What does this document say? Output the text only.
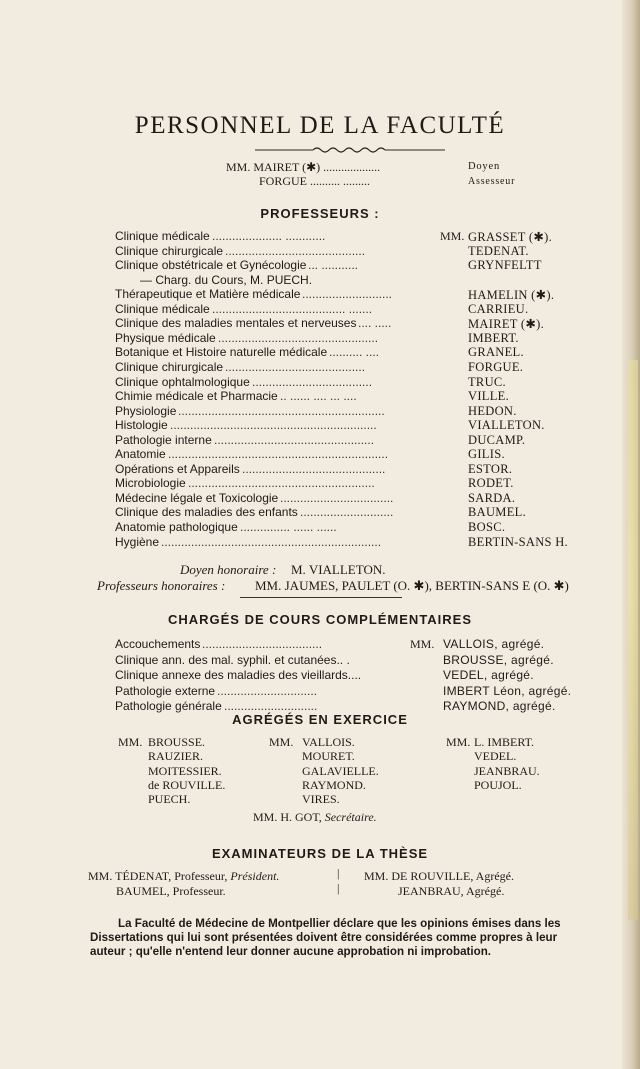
PERSONNEL DE LA FACULTÉ
MM. MAIRET (✱) ...................	Doyen
FORGUE .......... .........	Assesseur
PROFESSEURS :
MM.
Clinique médicale ..................... ............	GRASSET (✱).
Clinique chirurgicale ..........................................	TEDENAT.
Clinique obstétricale et Gynécologie ... ...........	GRYNFELTT
— Charg. du Cours, M. PUECH.
Thérapeutique et Matière médicale ...........................	HAMELIN (✱).
Clinique médicale ........................................ .......	CARRIEU.
Clinique des maladies mentales et nerveuses .... .....	MAIRET (✱).
Physique médicale ................................................	IMBERT.
Botanique et Histoire naturelle médicale .......... ....	GRANEL.
Clinique chirurgicale ..........................................	FORGUE.
Clinique ophtalmologique ....................................	TRUC.
Chimie médicale et Pharmacie .. ...... .... ... ....	VILLE.
Physiologie ..............................................................	HEDON.
Histologie ..............................................................	VIALLETON.
Pathologie interne ................................................	DUCAMP.
Anatomie ..................................................................	GILIS.
Opérations et Appareils ...........................................	ESTOR.
Microbiologie ........................................................	RODET.
Médecine légale et Toxicologie ..................................	SARDA.
Clinique des maladies des enfants ............................	BAUMEL.
Anatomie pathologique ............... ...... ......	BOSC.
Hygiène ..................................................................	BERTIN-SANS H.
Doyen honoraire : M. VIALLETON.
Professeurs honoraires : MM. JAUMES, PAULET (O. ✱), BERTIN-SANS E (O. ✱)
CHARGÉS DE COURS COMPLÉMENTAIRES
MM.
Accouchements ....................................	VALLOIS, agrégé.
Clinique ann. des mal. syphil. et cutanées.. .	BROUSSE, agrégé.
Clinique annexe des maladies des vieillards....	VEDEL, agrégé.
Pathologie externe ..............................	IMBERT Léon, agrégé.
Pathologie générale ............................	RAYMOND, agrégé.
AGRÉGÉS EN EXERCICE
MM. BROUSSE.
RAUZIER.
MOITESSIER.
de ROUVILLE.
PUECH.
MM. VALLOIS.
MOURET.
GALAVIELLE.
RAYMOND.
VIRES.
MM. L. IMBERT.
VEDEL.
JEANBRAU.
POUJOL.
MM. H. GOT, Secrétaire.
EXAMINATEURS DE LA THÈSE
MM. TÉDENAT, Professeur, Président.
BAUMEL, Professeur.
|
|
MM. DE ROUVILLE, Agrégé.
JEANBRAU, Agrégé.
La Faculté de Médecine de Montpellier déclare que les opinions émises dans les
Dissertations qui lui sont présentées doivent être considérées comme propres à leur
auteur ; qu'elle n'entend leur donner aucune approbation ni improbation.
